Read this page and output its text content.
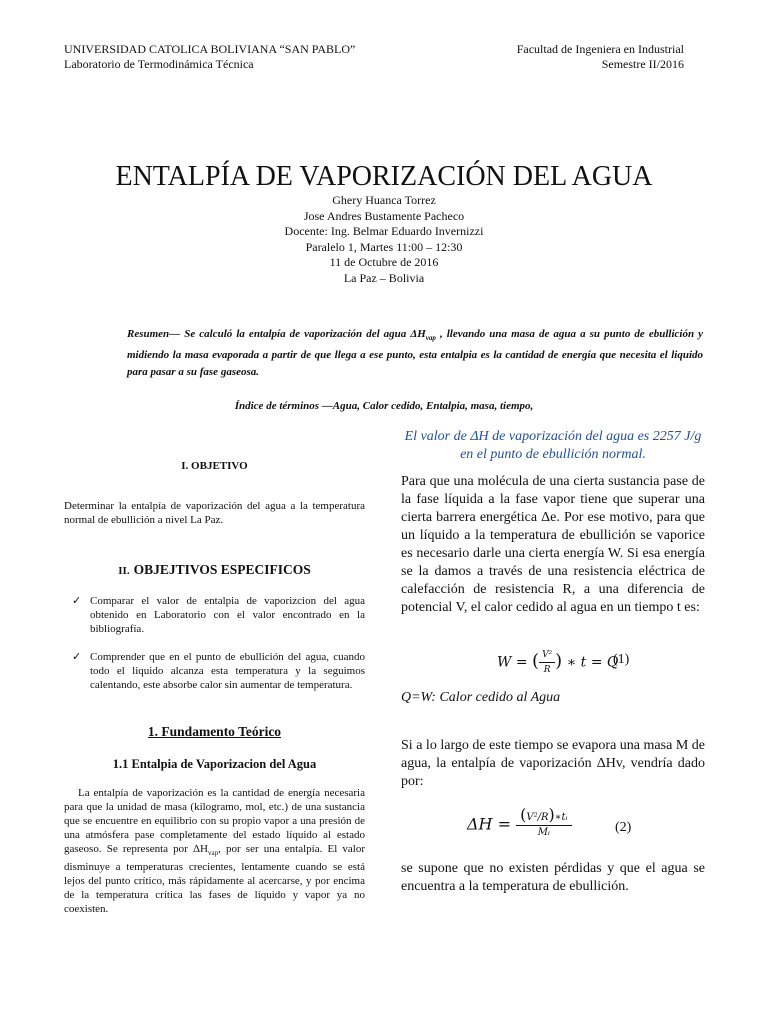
UNIVERSIDAD CATOLICA BOLIVIANA “SAN PABLO”
Laboratorio de Termodinámica Técnica
Facultad de Ingeniera en Industrial
Semestre II/2016
ENTALPÍA DE VAPORIZACIÓN DEL AGUA
Ghery Huanca Torrez
Jose Andres Bustamente Pacheco
Docente: Ing. Belmar Eduardo Invernizzi
Paralelo 1, Martes 11:00 – 12:30
11 de Octubre de 2016
La Paz – Bolivia
Resumen— Se calculó la entalpía de vaporización del agua $\Delta H_{vap}$ , llevando una masa de agua a su punto de ebullición y midiendo la masa evaporada a partir de que llega a ese punto, esta entalpia es la cantidad de energía que necesita el liquido para pasar a su fase gaseosa.
Índice de términos —Agua, Calor cedido, Entalpia, masa, tiempo,
I. OBJETIVO
Determinar la entalpía de vaporización del agua a la temperatura normal de ebullición a nivel La Paz.
II. OBJEJTIVOS ESPECIFICOS
✓ Comparar el valor de entalpia de vaporizcion del agua obtenido en Laboratorio con el valor encontrado en la bibliografía.
✓ Comprender que en el punto de ebullición del agua, cuando todo el liquido alcanza esta temperatura y la seguimos calentando, este absorbe calor sin aumentar de temperatura.
1. Fundamento Teórico
1.1 Entalpia de Vaporizacion del Agua
La entalpía de vaporización es la cantidad de energía necesaria para que la unidad de masa (kilogramo, mol, etc.) de una sustancia que se encuentre en equilibrio con su propio vapor a una presión de una atmósfera pase completamente del estado líquido al estado gaseoso. Se representa por $\Delta H_{vap}$, por ser una entalpía. El valor disminuye a temperaturas crecientes, lentamente cuando se está lejos del punto crítico, más rápidamente al acercarse, y por encima de la temperatura crítica las fases de líquido y vapor ya no coexisten.
El valor de ΔH de vaporización del agua es 2257 J/g en el punto de ebullición normal.
Para que una molécula de una cierta sustancia pase de la fase líquida a la fase vapor tiene que superar una cierta barrera energética Δe. Por ese motivo, para que un líquido a la temperatura de ebullición se vaporice es necesario darle una cierta energía W. Si esa energía se la damos a través de una resistencia eléctrica de calefacción de resistencia R, a una diferencia de potencial V, el calor cedido al agua en un tiempo t es:
W = ( $\frac{\text{V²}}{R}$ ) ∗ t = Q
(1)
Q=W: Calor cedido al Agua
Si a lo largo de este tiempo se evapora una masa M de agua, la entalpía de vaporización ΔHv, vendría dado por:
$\Delta H = \frac{\text{(V²/R)∗tᵢ}}{\text{Mᵢ}}$	(2)
se supone que no existen pérdidas y que el agua se encuentra a la temperatura de ebullición.
